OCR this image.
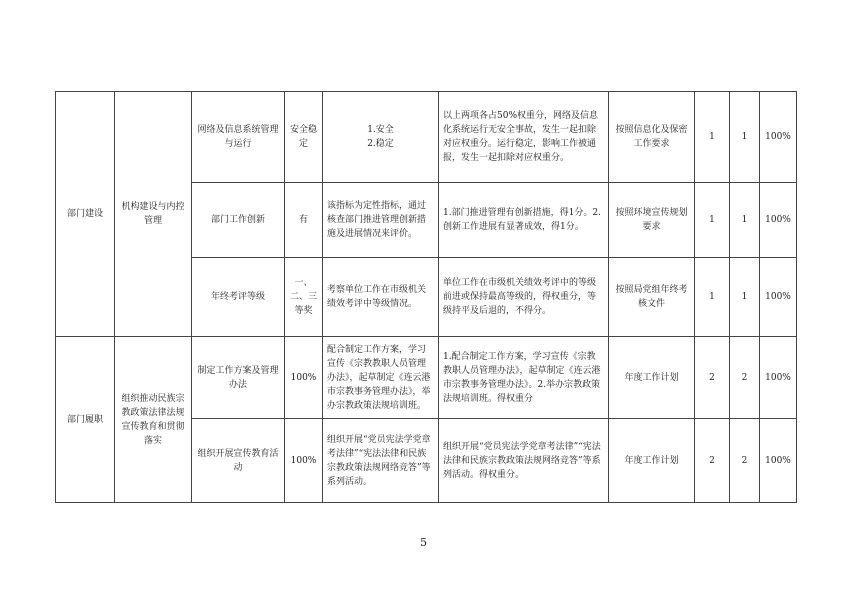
部门建设	机构建设与内控管理	网络及信息系统管理与运行	安全稳定	1.安全
2.稳定	以上两项各占50%权重分，网络及信息化系统运行无安全事故，发生一起扣除对应权重分。运行稳定，影响工作被通报，发生一起扣除对应权重分。	按照信息化及保密工作要求	1	1	100%
		部门工作创新	有	该指标为定性指标，通过核查部门推进管理创新措施及进展情况来评价。	1.部门推进管理有创新措施，得1分。2.创新工作进展有显著成效，得1分。	按照环境宣传规划要求	1	1	100%
		年终考评等级	一、二、三等奖	考察单位工作在市级机关绩效考评中等级情况。	单位工作在市级机关绩效考评中的等级前进或保持最高等级的，得权重分，等级持平及后退的，不得分。	按照局党组年终考核文件	1	1	100%
部门履职	组织推动民族宗教政策法律法规宣传教育和贯彻落实	制定工作方案及管理办法	100%	配合制定工作方案，学习宣传《宗教教职人员管理办法》，起草制定《连云港市宗教事务管理办法》，举办宗教政策法规培训班。	1.配合制定工作方案，学习宣传《宗教教职人员管理办法》，起草制定《连云港市宗教事务管理办法》。2.举办宗教政策法规培训班。得权重分	年度工作计划	2	2	100%
		组织开展宣传教育活动	100%	组织开展“党员宪法学党章考法律”“宪法法律和民族宗教政策法规网络竞答”等系列活动。	组织开展“党员宪法学党章考法律”“宪法法律和民族宗教政策法规网络竞答”等系列活动。得权重分。	年度工作计划	2	2	100%
5
